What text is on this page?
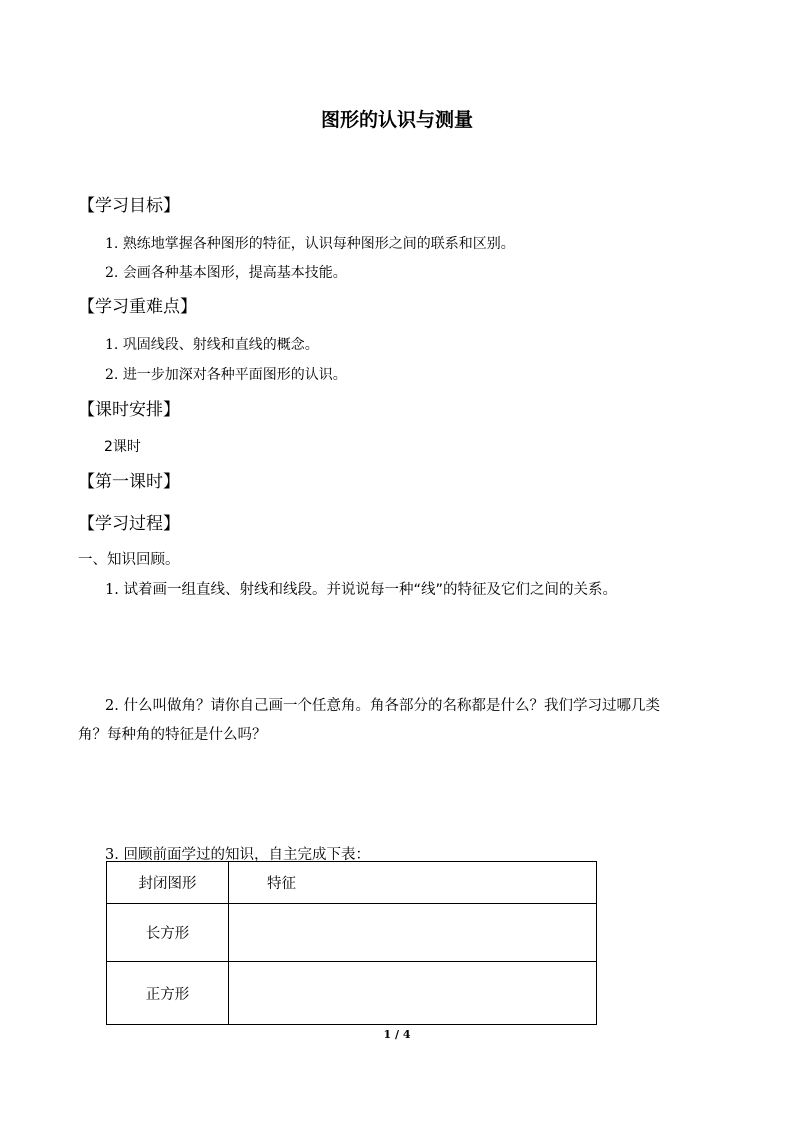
图形的认识与测量
【学习目标】
1. 熟练地掌握各种图形的特征，认识每种图形之间的联系和区别。
2. 会画各种基本图形，提高基本技能。
【学习重难点】
1. 巩固线段、射线和直线的概念。
2. 进一步加深对各种平面图形的认识。
【课时安排】
2课时
【第一课时】
【学习过程】
一、知识回顾。
1. 试着画一组直线、射线和线段。并说说每一种“线”的特征及它们之间的关系。
2. 什么叫做角？请你自己画一个任意角。角各部分的名称都是什么？我们学习过哪几类
角？每种角的特征是什么吗？
3. 回顾前面学过的知识，自主完成下表：
封闭图形	特征
长方形	
正方形	
1 / 4
